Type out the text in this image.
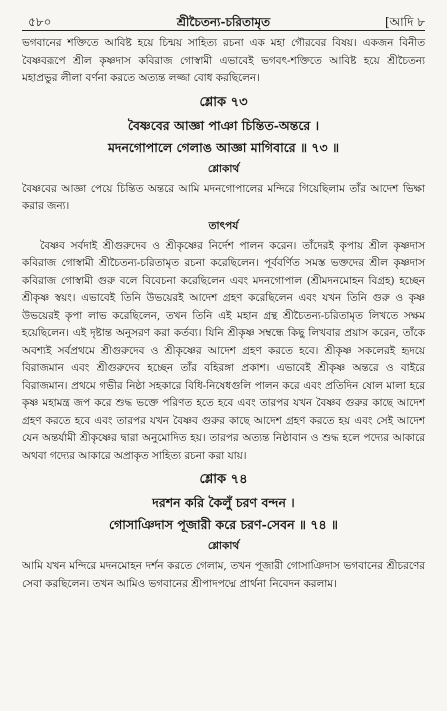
৫৮০	শ্রীচৈতন্য-চরিতামৃত	[আদি ৮

ভগবানের শক্তিতে আবিষ্ট হয়ে চিন্ময় সাহিত্য রচনা এক মহা গৌরবের বিষয়। একজন বিনীত বৈষ্ণবরূপে শ্রীল কৃষ্ণদাস কবিরাজ গোস্বামী এভাবেই ভগবৎ-শক্তিতে আবিষ্ট হয়ে শ্রীচৈতন্য মহাপ্রভুর লীলা বর্ণনা করতে অত্যন্ত লজ্জা বোধ করছিলেন।

শ্লোক ৭৩
বৈষ্ণবের আজ্ঞা পাঞা চিন্তিত-অন্তরে ।
মদনগোপালে গেলাঙ আজ্ঞা মাগিবারে ॥ ৭৩ ॥
শ্লোকার্থ

বৈষ্ণবের আজ্ঞা পেয়ে চিন্তিত অন্তরে আমি মদনগোপালের মন্দিরে গিয়েছিলাম তাঁর আদেশ ভিক্ষা করার জন্য।

তাৎপর্য

বৈষ্ণব সর্বদাই শ্রীগুরুদেব ও শ্রীকৃষ্ণের নির্দেশ পালন করেন। তাঁদেরই কৃপায় শ্রীল কৃষ্ণদাস কবিরাজ গোস্বামী শ্রীচৈতন্য-চরিতামৃত রচনা করেছিলেন। পূর্ববর্ণিত সমস্ত ভক্তদের শ্রীল কৃষ্ণদাস কবিরাজ গোস্বামী গুরু বলে বিবেচনা করেছিলেন এবং মদনগোপাল (শ্রীমদনমোহন বিগ্রহ) হচ্ছেন শ্রীকৃষ্ণ স্বয়ং। এভাবেই তিনি উভয়েরই আদেশ গ্রহণ করেছিলেন এবং যখন তিনি গুরু ও কৃষ্ণ উভয়েরই কৃপা লাভ করেছিলেন, তখন তিনি এই মহান গ্রন্থ শ্রীচৈতন্য-চরিতামৃত লিখতে সক্ষম হয়েছিলেন। এই দৃষ্টান্ত অনুসরণ করা কর্তব্য। যিনি শ্রীকৃষ্ণ সম্বন্ধে কিছু লিখবার প্রয়াস করেন, তাঁকে অবশ্যই সর্বপ্রথমে শ্রীগুরুদেব ও শ্রীকৃষ্ণের আদেশ গ্রহণ করতে হবে। শ্রীকৃষ্ণ সকলেরই হৃদয়ে বিরাজমান এবং শ্রীগুরুদেব হচ্ছেন তাঁর বহিরঙ্গা প্রকাশ। এভাবেই শ্রীকৃষ্ণ অন্তরে ও বাইরে বিরাজমান। প্রথমে গভীর নিষ্ঠা সহকারে বিধি-নিষেধগুলি পালন করে এবং প্রতিদিন ষোল মালা হরে কৃষ্ণ মহামন্ত্র জপ করে শুদ্ধ ভক্তে পরিণত হতে হবে এবং তারপর যখন বৈষ্ণব গুরুর কাছে আদেশ গ্রহণ করতে হবে এবং তারপর যখন বৈষ্ণব গুরুর কাছে আদেশ গ্রহণ করতে হয় এবং সেই আদেশ যেন অন্তর্যামী শ্রীকৃষ্ণের দ্বারা অনুমোদিত হয়। তারপর অত্যন্ত নিষ্ঠাবান ও শুদ্ধ হলে পদ্যের আকারে অথবা গদ্যের আকারে অপ্রাকৃত সাহিত্য রচনা করা যায়।

শ্লোক ৭৪
দরশন করি কৈলুঁ চরণ বন্দন ।
গোসাঞিদাস পূজারী করে চরণ-সেবন ॥ ৭৪ ॥
শ্লোকার্থ

আমি যখন মন্দিরে মদনমোহন দর্শন করতে গেলাম, তখন পূজারী গোসাঞিদাস ভগবানের শ্রীচরণের সেবা করছিলেন। তখন আমিও ভগবানের শ্রীপাদপদ্মে প্রার্থনা নিবেদন করলাম।
